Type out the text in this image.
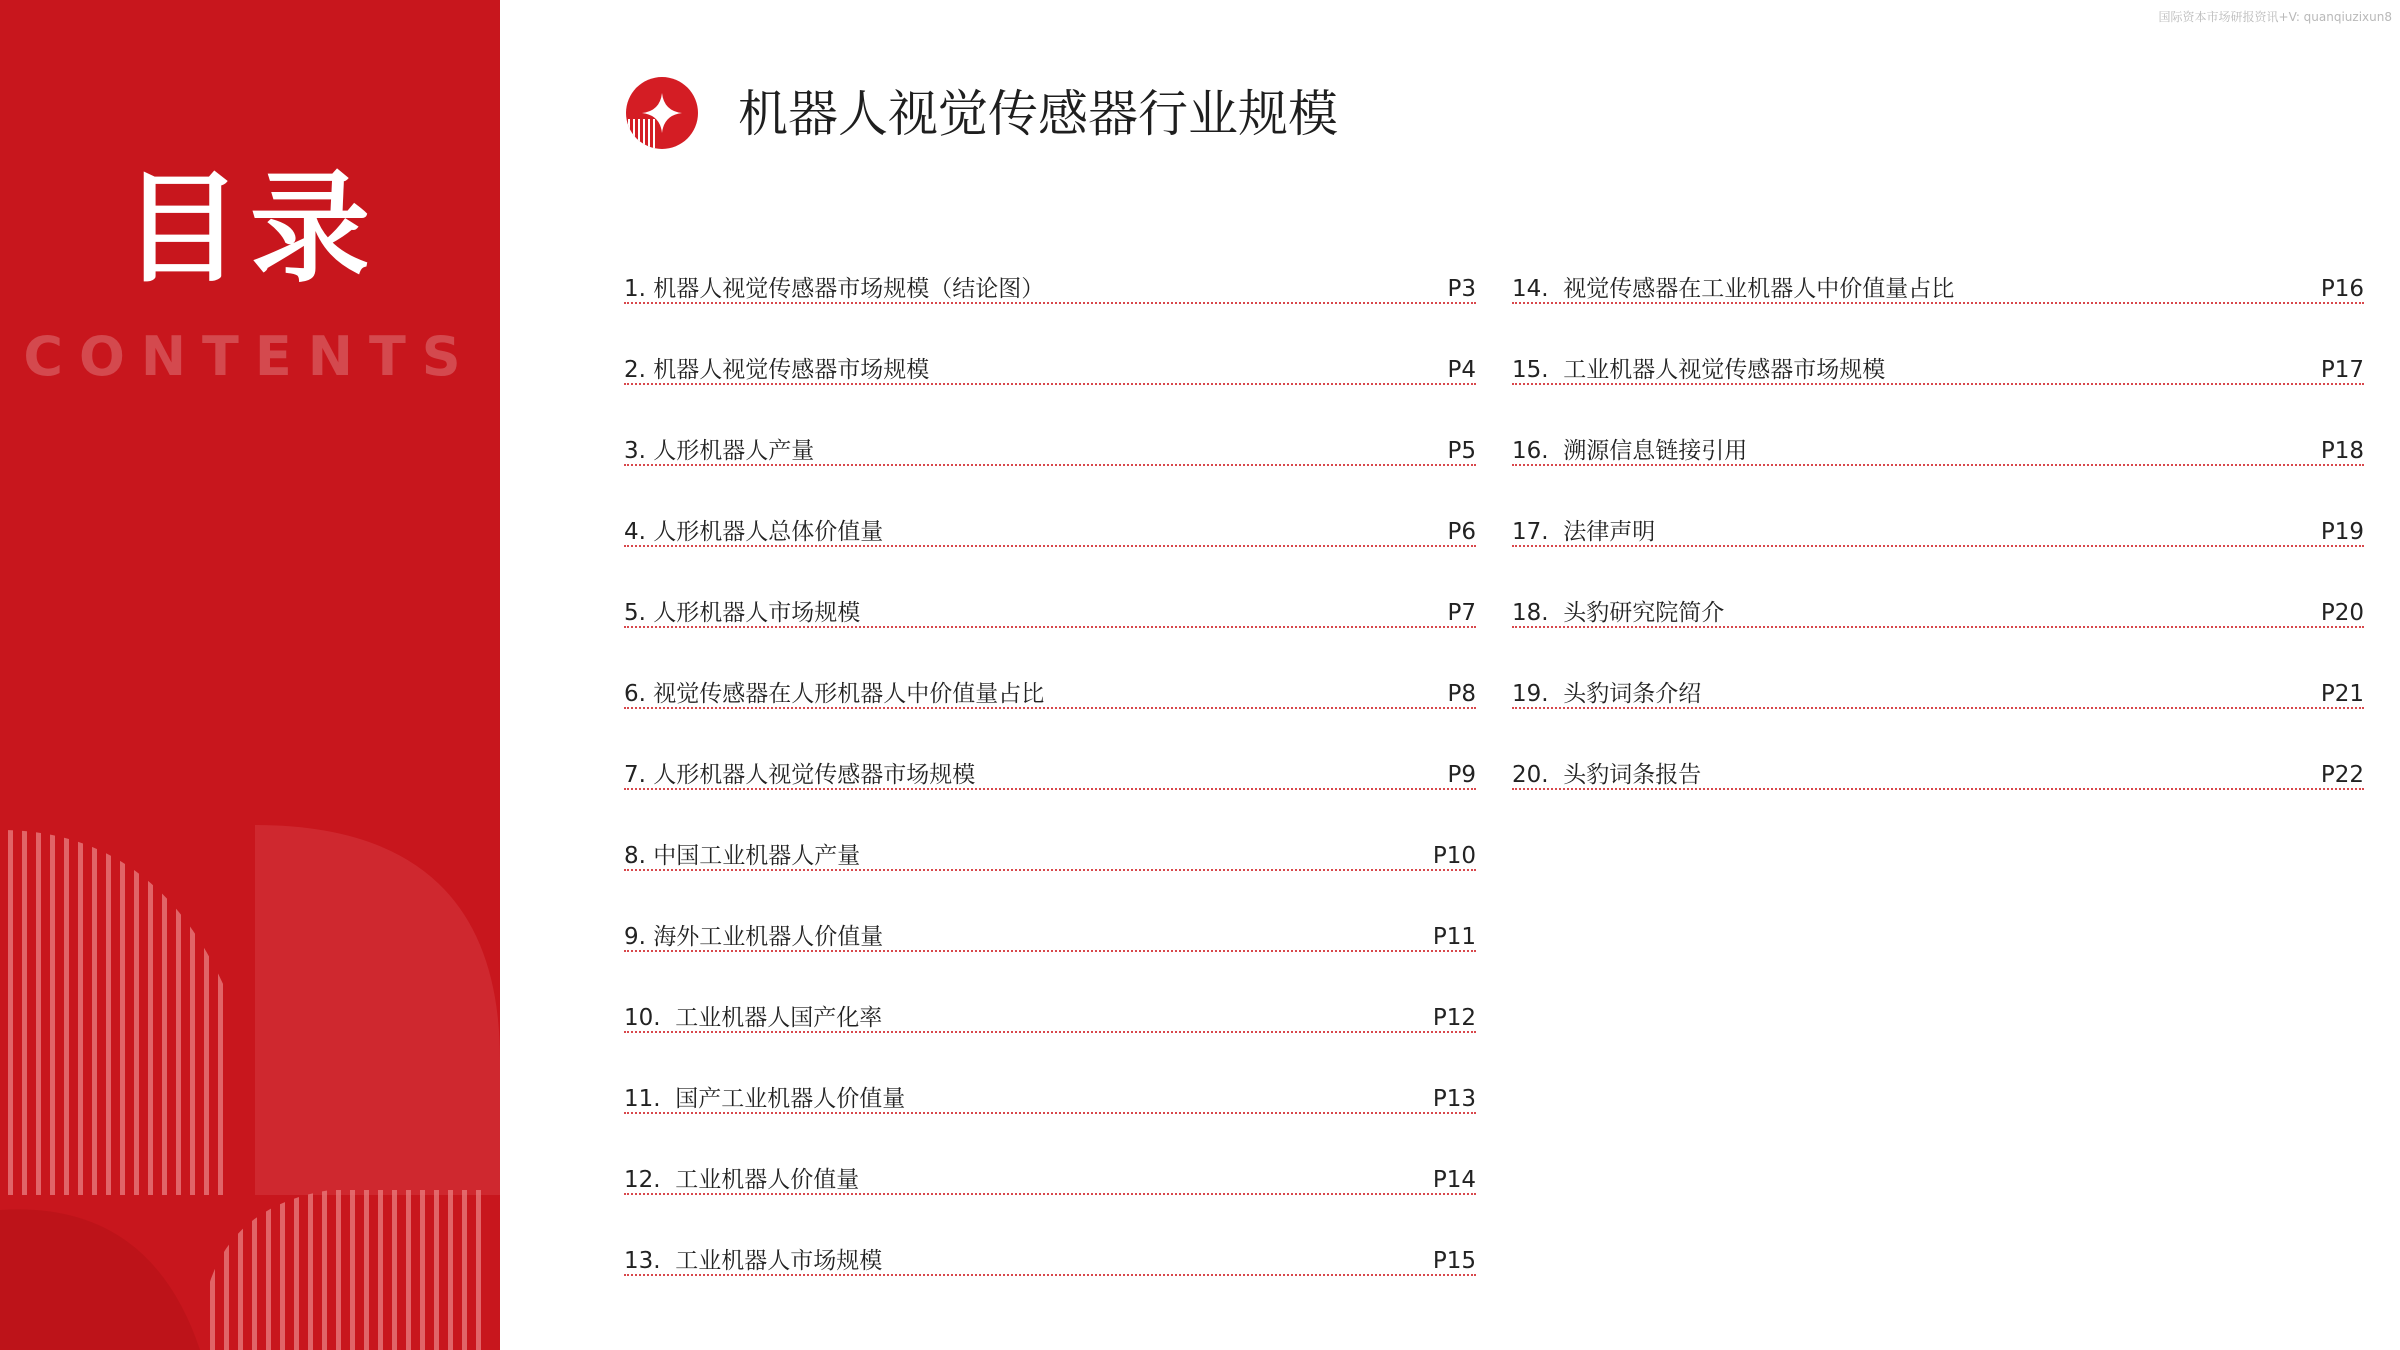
国际资本市场研报资讯+V: quanqiuzixun8
目录
CONTENTS
机器人视觉传感器行业规模
1.
机器人视觉传感器市场规模（结论图）	P3
2.
机器人视觉传感器市场规模	P4
3.
人形机器人产量	P5
4.
人形机器人总体价值量	P6
5.
人形机器人市场规模	P7
6.
视觉传感器在人形机器人中价值量占比	P8
7.
人形机器人视觉传感器市场规模	P9
8.
中国工业机器人产量	P10
9.
海外工业机器人价值量	P11
10.
工业机器人国产化率	P12
11.
国产工业机器人价值量	P13
12.
工业机器人价值量	P14
13.
工业机器人市场规模	P15
14.
视觉传感器在工业机器人中价值量占比	P16
15.
工业机器人视觉传感器市场规模	P17
16.
溯源信息链接引用	P18
17.
法律声明	P19
18.
头豹研究院简介	P20
19.
头豹词条介绍	P21
20.
头豹词条报告	P22
